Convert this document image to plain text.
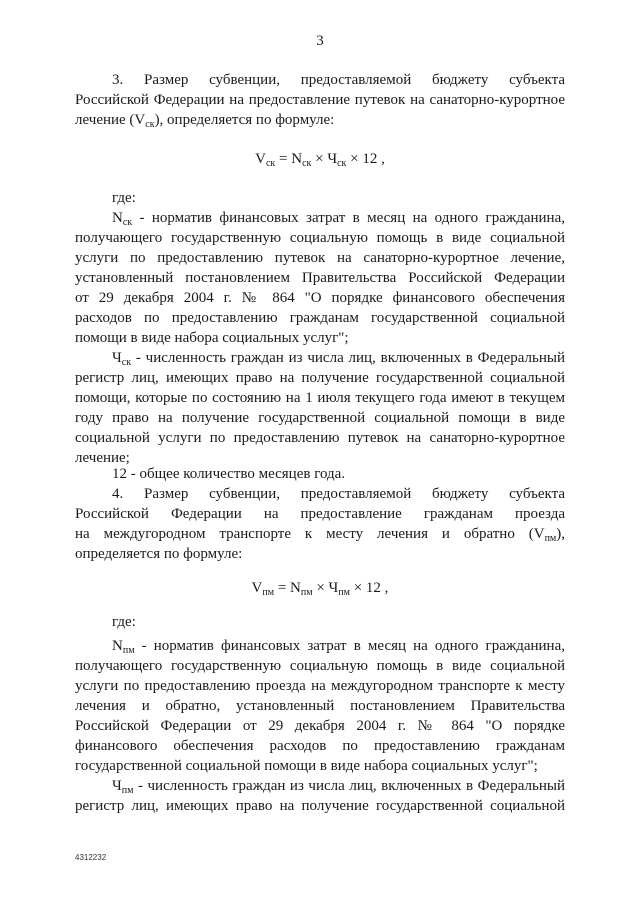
3
3. Размер субвенции, предоставляемой бюджету субъекта
Российской Федерации на предоставление путевок на санаторно-курортное
лечение $(V_{ск})$, определяется по формуле:
где:
$N_{ск}$ - норматив финансовых затрат в месяц на одного гражданина,
получающего государственную социальную помощь в виде социальной
услуги по предоставлению путевок на санаторно-курортное лечение,
установленный постановлением Правительства Российской Федерации
от 29 декабря 2004 г. № 864 "О порядке финансового обеспечения
расходов по предоставлению гражданам государственной социальной
помощи в виде набора социальных услуг";
$Ч_{ск}$ - численность граждан из числа лиц, включенных в Федеральный
регистр лиц, имеющих право на получение государственной социальной
помощи, которые по состоянию на 1 июля текущего года имеют в текущем
году право на получение государственной социальной помощи в виде
социальной услуги по предоставлению путевок на санаторно-курортное
лечение;
12 - общее количество месяцев года.
4. Размер субвенции, предоставляемой бюджету субъекта
Российской Федерации на предоставление гражданам проезда
на междугородном транспорте к месту лечения и обратно $(V_{пм})$,
определяется по формуле:
где:
$N_{пм}$ - норматив финансовых затрат в месяц на одного гражданина,
получающего государственную социальную помощь в виде социальной
услуги по предоставлению проезда на междугородном транспорте к месту
лечения и обратно, установленный постановлением Правительства
Российской Федерации от 29 декабря 2004 г. № 864 "О порядке
финансового обеспечения расходов по предоставлению гражданам
государственной социальной помощи в виде набора социальных услуг";
$Ч_{пм}$ - численность граждан из числа лиц, включенных в Федеральный
регистр лиц, имеющих право на получение государственной социальной
$V_{ск} = N_{ск} \times Ч_{ск} \times 12$ ,
$V_{пм} = N_{пм} \times Ч_{пм} \times 12$ ,
4312232
